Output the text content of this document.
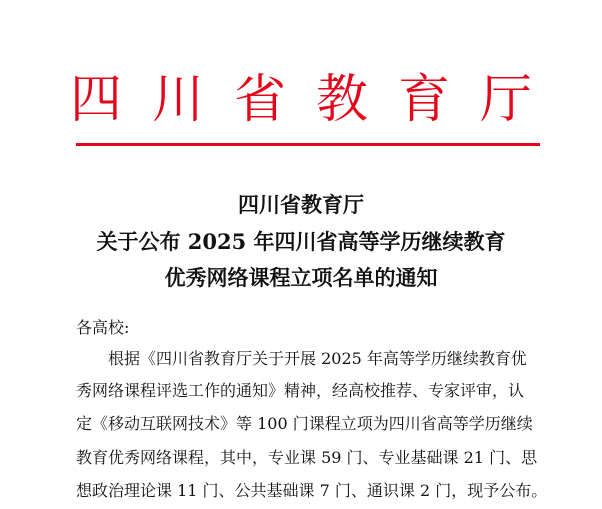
四川省教育厅
四川省教育厅
关于公布 2025 年四川省高等学历继续教育
优秀网络课程立项名单的通知
各高校:
根据《四川省教育厅关于开展 2025 年高等学历继续教育优
秀网络课程评选工作的通知》精神，经高校推荐、专家评审，认
定《移动互联网技术》等 100 门课程立项为四川省高等学历继续
教育优秀网络课程，其中，专业课 59 门、专业基础课 21 门、思
想政治理论课 11 门、公共基础课 7 门、通识课 2 门，现予公布。
